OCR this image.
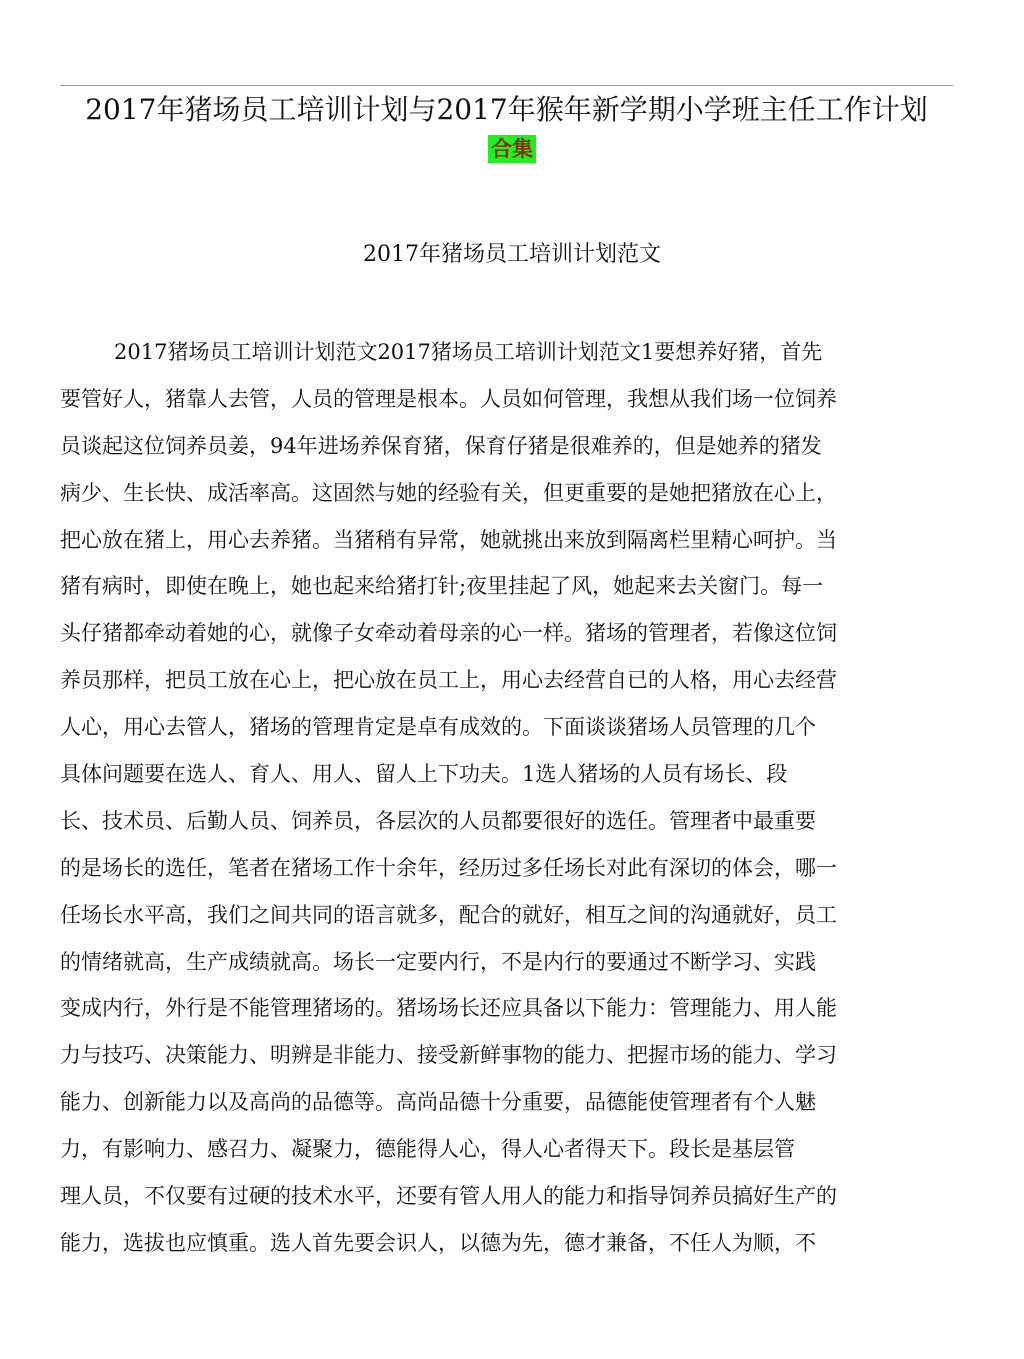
2017年猪场员工培训计划与2017年猴年新学期小学班主任工作计划
合集
2017年猪场员工培训计划范文
2017猪场员工培训计划范文2017猪场员工培训计划范文1要想养好猪，首先
要管好人，猪靠人去管，人员的管理是根本。人员如何管理，我想从我们场一位饲养
员谈起这位饲养员姜，94年进场养保育猪，保育仔猪是很难养的，但是她养的猪发
病少、生长快、成活率高。这固然与她的经验有关，但更重要的是她把猪放在心上，
把心放在猪上，用心去养猪。当猪稍有异常，她就挑出来放到隔离栏里精心呵护。当
猪有病时，即使在晚上，她也起来给猪打针;夜里挂起了风，她起来去关窗门。每一
头仔猪都牵动着她的心，就像子女牵动着母亲的心一样。猪场的管理者，若像这位饲
养员那样，把员工放在心上，把心放在员工上，用心去经营自已的人格，用心去经营
人心，用心去管人，猪场的管理肯定是卓有成效的。下面谈谈猪场人员管理的几个
具体问题要在选人、育人、用人、留人上下功夫。1选人猪场的人员有场长、段
长、技术员、后勤人员、饲养员，各层次的人员都要很好的选任。管理者中最重要
的是场长的选任，笔者在猪场工作十余年，经历过多任场长对此有深切的体会，哪一
任场长水平高，我们之间共同的语言就多，配合的就好，相互之间的沟通就好，员工
的情绪就高，生产成绩就高。场长一定要内行，不是内行的要通过不断学习、实践
变成内行，外行是不能管理猪场的。猪场场长还应具备以下能力：管理能力、用人能
力与技巧、决策能力、明辨是非能力、接受新鲜事物的能力、把握市场的能力、学习
能力、创新能力以及高尚的品德等。高尚品德十分重要，品德能使管理者有个人魅
力，有影响力、感召力、凝聚力，德能得人心，得人心者得天下。段长是基层管
理人员，不仅要有过硬的技术水平，还要有管人用人的能力和指导饲养员搞好生产的
能力，选拔也应慎重。选人首先要会识人，以德为先，德才兼备，不任人为顺，不
